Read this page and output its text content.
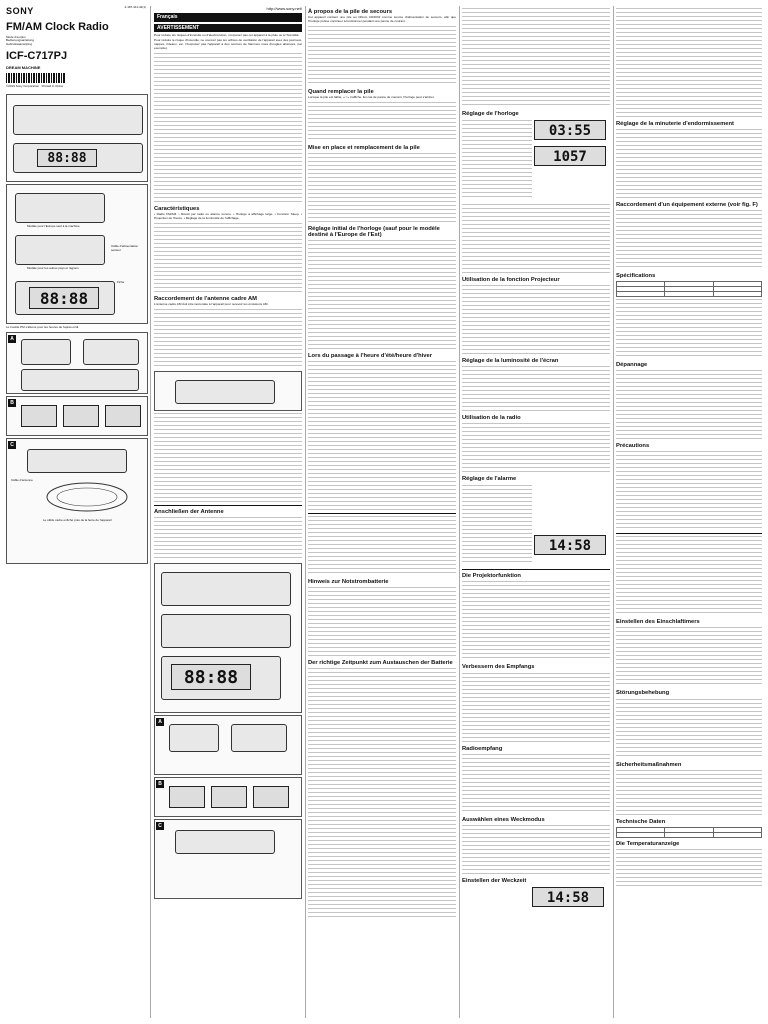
SONY	4-187-311-42(1)
FM/AM Clock Radio
Mode d'emploi
Bedienungsanleitung
Gebruiksaanwijzing
ICF-C717PJ
DREAM MACHINE
©2019 Sony Corporation Printed in China
88:88
Modèle pour l'Europe seul à la machine
Modèle pour les autres pays et régions
Câble d'alimentation secteur
Fiche
88:88
Le trouble PM s'allume pour les heures de l'après-midi.
A
B
C
Câble d'antenne
Le câble cadre enfiché près de la fente de l'appareil
http://www.sony.net/
Français
AVERTISSEMENT
Pour réduire les risques d'incendie ou d'électrocution, n'exposez pas cet appareil à la pluie ou à l'humidité.
Pour réduire le risque d'incendie, ne couvrez pas les orifices de ventilation de l'appareil avec des journaux, nappes, rideaux, etc. N'exposez pas l'appareil à des sources de flammes nues (bougies allumées, par exemple).
Caractéristiques
• Radio FM/AM. • Réveil par radio ou alarme sonore. • Horloge à affichage large. • Fonction Sleep. • Projection de l'heure. • Réglage de la luminosité de l'affichage.
Raccordement de l'antenne cadre AM
L'antenne cadre AM doit être raccordée à l'appareil pour recevoir les émissions AM.
Anschließen der Antenne
88:88
A
B
C
À propos de la pile de secours
Cet appareil contient une pile au lithium CR2032 comme source d'alimentation de secours, afin que l'horloge puisse continuer à fonctionner pendant une panne de courant.
Quand remplacer la pile
Lorsque la pile est faible, « ! » s'affiche. En cas de panne de courant, l'horloge peut s'arrêter.
Mise en place et remplacement de la pile
Réglage initial de l'horloge (sauf pour le modèle destiné à l'Europe de l'Est)
Lors du passage à l'heure d'été/heure d'hiver
Hinweis zur Notstrombatterie
Der richtige Zeitpunkt zum Austauschen der Batterie
Réglage de l'horloge
03:55
1057
Utilisation de la fonction Projecteur
Réglage de la luminosité de l'écran
Utilisation de la radio
Réglage de l'alarme
14:58
Die Projektorfunktion
Verbessern des Empfangs
Radioempfang
Auswählen eines Weckmodus
Einstellen der Weckzeit
14:58
Réglage de la minuterie d'endormissement
Raccordement d'un équipement externe (voir fig. F)
Spécifications

Dépannage
Précautions
Einstellen des Einschlaftimers
Störungsbehebung
Sicherheitsmaßnahmen
Technische Daten

Die Temperaturanzeige
